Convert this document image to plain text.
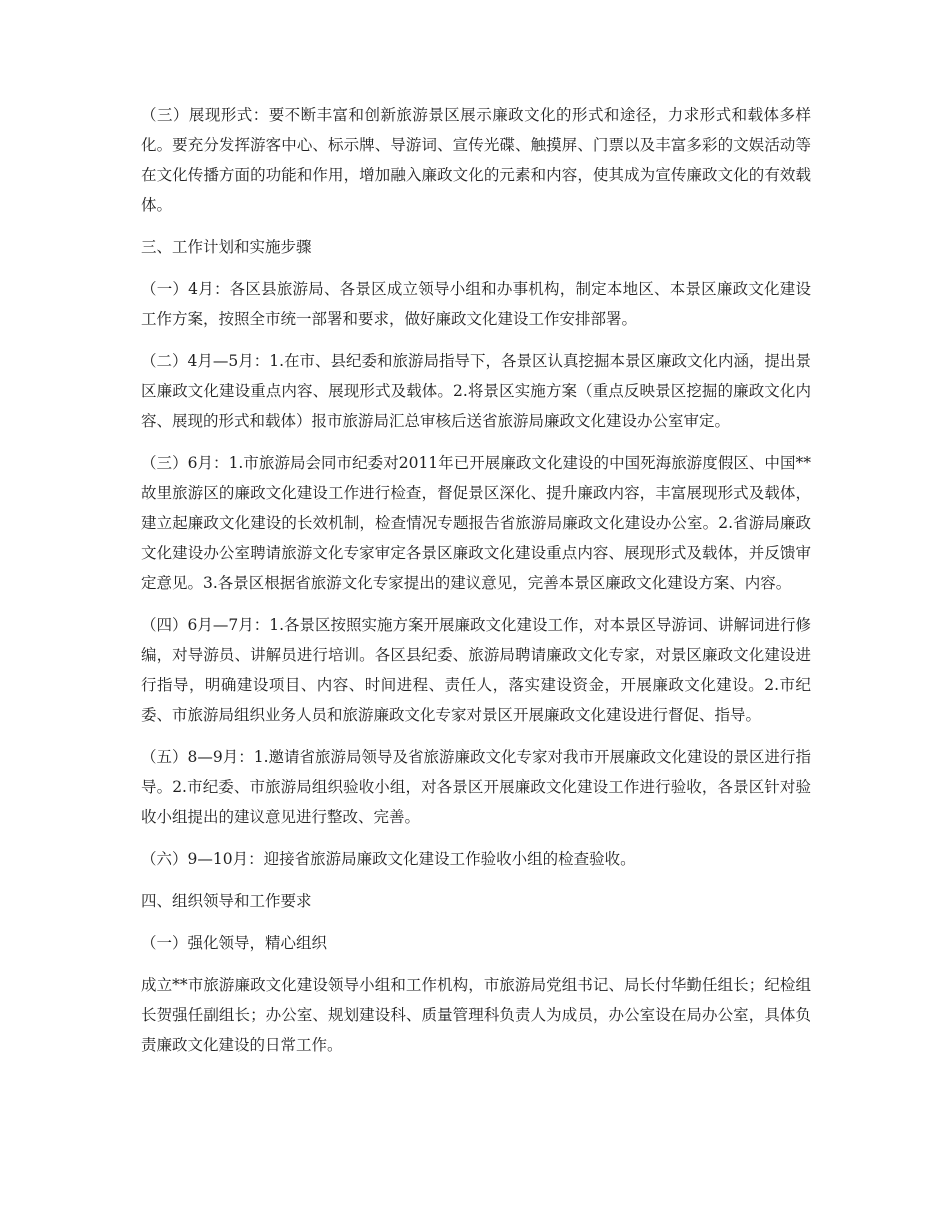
（三）展现形式：要不断丰富和创新旅游景区展示廉政文化的形式和途径，力求形式和载体多样化。要充分发挥游客中心、标示牌、导游词、宣传光碟、触摸屏、门票以及丰富多彩的文娱活动等在文化传播方面的功能和作用，增加融入廉政文化的元素和内容，使其成为宣传廉政文化的有效载体。

三、工作计划和实施步骤

（一）4月：各区县旅游局、各景区成立领导小组和办事机构，制定本地区、本景区廉政文化建设工作方案，按照全市统一部署和要求，做好廉政文化建设工作安排部署。

（二）4月—5月：1.在市、县纪委和旅游局指导下，各景区认真挖掘本景区廉政文化内涵，提出景区廉政文化建设重点内容、展现形式及载体。2.将景区实施方案（重点反映景区挖掘的廉政文化内容、展现的形式和载体）报市旅游局汇总审核后送省旅游局廉政文化建设办公室审定。

（三）6月：1.市旅游局会同市纪委对2011年已开展廉政文化建设的中国死海旅游度假区、中国**故里旅游区的廉政文化建设工作进行检查，督促景区深化、提升廉政内容，丰富展现形式及载体，建立起廉政文化建设的长效机制，检查情况专题报告省旅游局廉政文化建设办公室。2.省游局廉政文化建设办公室聘请旅游文化专家审定各景区廉政文化建设重点内容、展现形式及载体，并反馈审定意见。3.各景区根据省旅游文化专家提出的建议意见，完善本景区廉政文化建设方案、内容。

（四）6月—7月：1.各景区按照实施方案开展廉政文化建设工作，对本景区导游词、讲解词进行修编，对导游员、讲解员进行培训。各区县纪委、旅游局聘请廉政文化专家，对景区廉政文化建设进行指导，明确建设项目、内容、时间进程、责任人，落实建设资金，开展廉政文化建设。2.市纪委、市旅游局组织业务人员和旅游廉政文化专家对景区开展廉政文化建设进行督促、指导。

（五）8—9月：1.邀请省旅游局领导及省旅游廉政文化专家对我市开展廉政文化建设的景区进行指导。2.市纪委、市旅游局组织验收小组，对各景区开展廉政文化建设工作进行验收，各景区针对验收小组提出的建议意见进行整改、完善。

（六）9—10月：迎接省旅游局廉政文化建设工作验收小组的检查验收。

四、组织领导和工作要求

（一）强化领导，精心组织

成立**市旅游廉政文化建设领导小组和工作机构，市旅游局党组书记、局长付华勤任组长；纪检组长贺强任副组长；办公室、规划建设科、质量管理科负责人为成员，办公室设在局办公室，具体负责廉政文化建设的日常工作。
